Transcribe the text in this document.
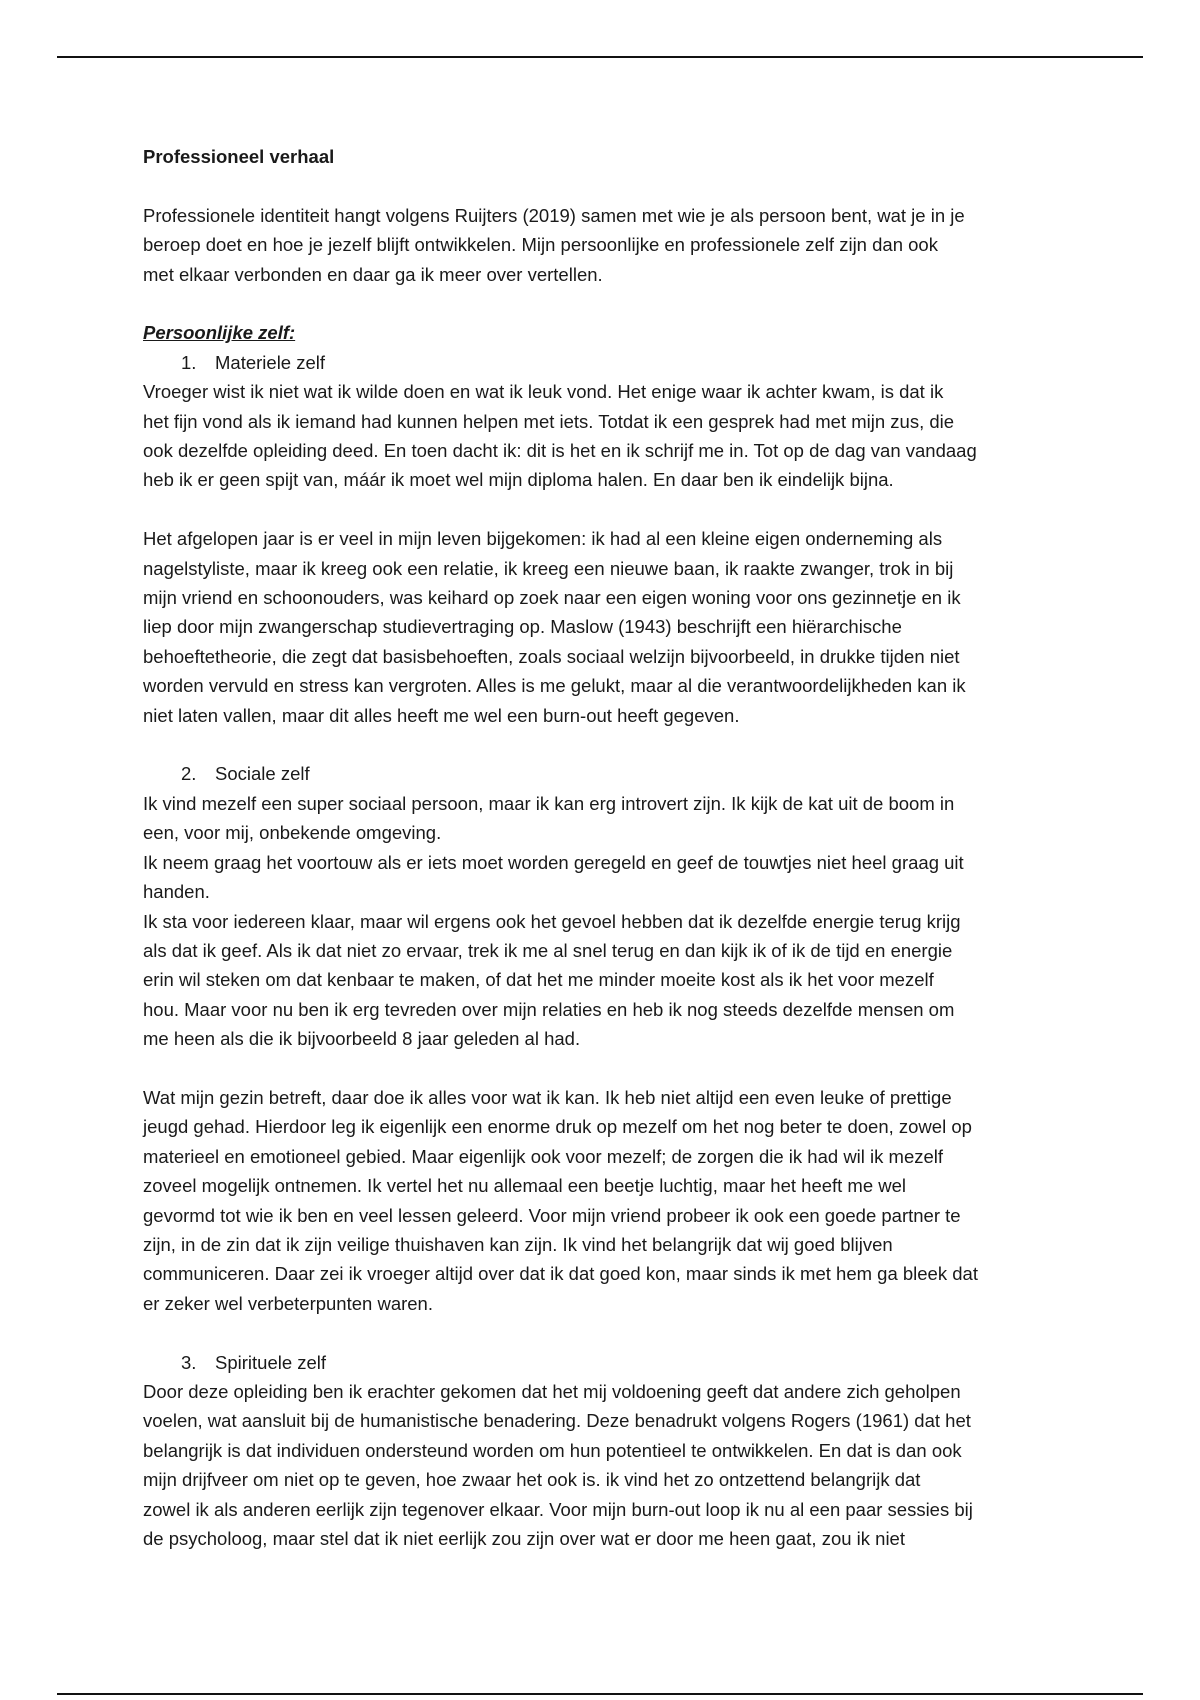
Professioneel verhaal

Professionele identiteit hangt volgens Ruijters (2019) samen met wie je als persoon bent, wat je in je
beroep doet en hoe je jezelf blijft ontwikkelen. Mijn persoonlijke en professionele zelf zijn dan ook
met elkaar verbonden en daar ga ik meer over vertellen.
Persoonlijke zelf:
1.	Materiele zelf
Vroeger wist ik niet wat ik wilde doen en wat ik leuk vond. Het enige waar ik achter kwam, is dat ik
het fijn vond als ik iemand had kunnen helpen met iets. Totdat ik een gesprek had met mijn zus, die
ook dezelfde opleiding deed. En toen dacht ik: dit is het en ik schrijf me in. Tot op de dag van vandaag
heb ik er geen spijt van, máár ik moet wel mijn diploma halen. En daar ben ik eindelijk bijna.
Het afgelopen jaar is er veel in mijn leven bijgekomen: ik had al een kleine eigen onderneming als
nagelstyliste, maar ik kreeg ook een relatie, ik kreeg een nieuwe baan, ik raakte zwanger, trok in bij
mijn vriend en schoonouders, was keihard op zoek naar een eigen woning voor ons gezinnetje en ik
liep door mijn zwangerschap studievertraging op. Maslow (1943) beschrijft een hiërarchische
behoeftetheorie, die zegt dat basisbehoeften, zoals sociaal welzijn bijvoorbeeld, in drukke tijden niet
worden vervuld en stress kan vergroten. Alles is me gelukt, maar al die verantwoordelijkheden kan ik
niet laten vallen, maar dit alles heeft me wel een burn-out heeft gegeven.
2.	Sociale zelf
Ik vind mezelf een super sociaal persoon, maar ik kan erg introvert zijn. Ik kijk de kat uit de boom in
een, voor mij, onbekende omgeving.
Ik neem graag het voortouw als er iets moet worden geregeld en geef de touwtjes niet heel graag uit
handen.
Ik sta voor iedereen klaar, maar wil ergens ook het gevoel hebben dat ik dezelfde energie terug krijg
als dat ik geef. Als ik dat niet zo ervaar, trek ik me al snel terug en dan kijk ik of ik de tijd en energie
erin wil steken om dat kenbaar te maken, of dat het me minder moeite kost als ik het voor mezelf
hou. Maar voor nu ben ik erg tevreden over mijn relaties en heb ik nog steeds dezelfde mensen om
me heen als die ik bijvoorbeeld 8 jaar geleden al had.
Wat mijn gezin betreft, daar doe ik alles voor wat ik kan. Ik heb niet altijd een even leuke of prettige
jeugd gehad. Hierdoor leg ik eigenlijk een enorme druk op mezelf om het nog beter te doen, zowel op
materieel en emotioneel gebied. Maar eigenlijk ook voor mezelf; de zorgen die ik had wil ik mezelf
zoveel mogelijk ontnemen. Ik vertel het nu allemaal een beetje luchtig, maar het heeft me wel
gevormd tot wie ik ben en veel lessen geleerd. Voor mijn vriend probeer ik ook een goede partner te
zijn, in de zin dat ik zijn veilige thuishaven kan zijn. Ik vind het belangrijk dat wij goed blijven
communiceren. Daar zei ik vroeger altijd over dat ik dat goed kon, maar sinds ik met hem ga bleek dat
er zeker wel verbeterpunten waren.
3.	Spirituele zelf
Door deze opleiding ben ik erachter gekomen dat het mij voldoening geeft dat andere zich geholpen
voelen, wat aansluit bij de humanistische benadering. Deze benadrukt volgens Rogers (1961) dat het
belangrijk is dat individuen ondersteund worden om hun potentieel te ontwikkelen. En dat is dan ook
mijn drijfveer om niet op te geven, hoe zwaar het ook is. ik vind het zo ontzettend belangrijk dat
zowel ik als anderen eerlijk zijn tegenover elkaar. Voor mijn burn-out loop ik nu al een paar sessies bij
de psycholoog, maar stel dat ik niet eerlijk zou zijn over wat er door me heen gaat, zou ik niet
